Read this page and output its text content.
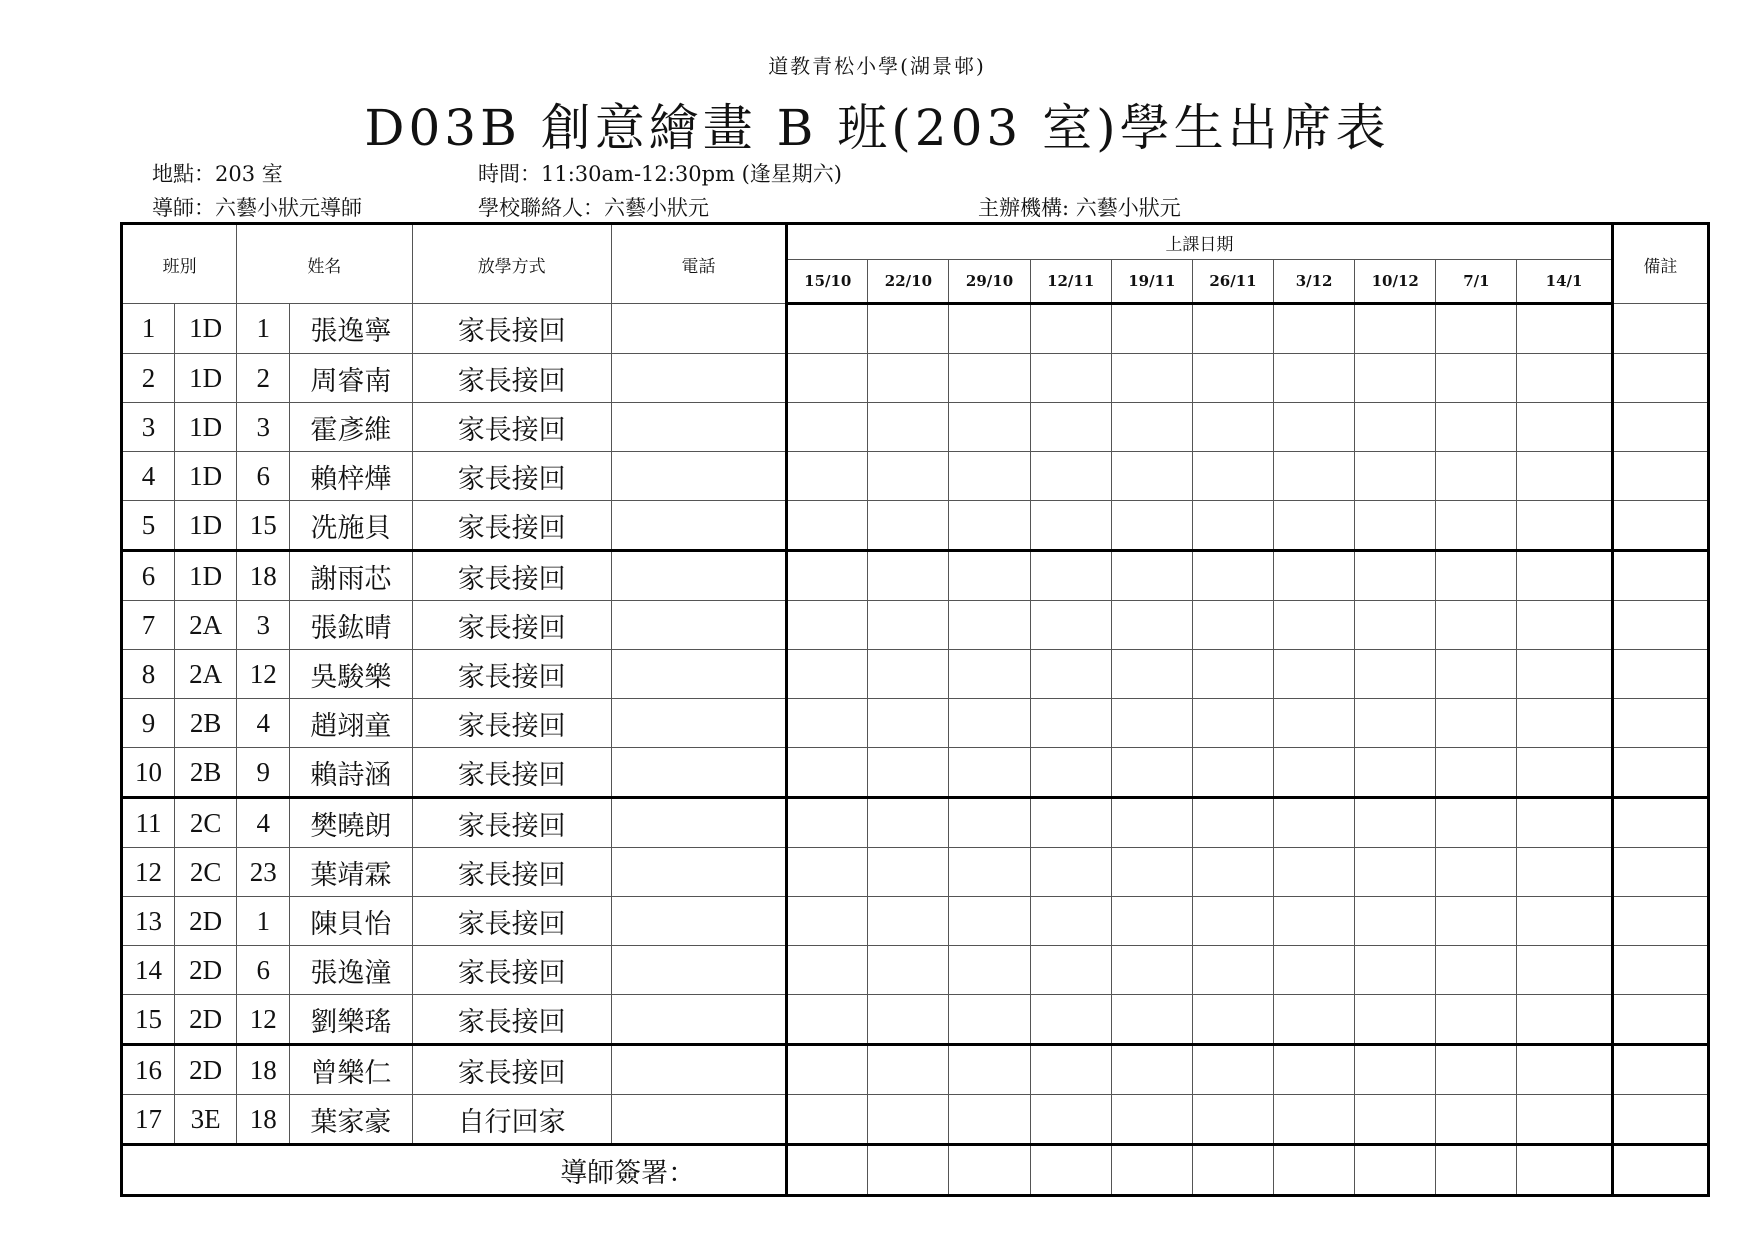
道教青松小學(湖景邨)
D03B 創意繪畫 B 班(203 室)學生出席表
地點：203 室	時間：11:30am-12:30pm (逢星期六)
導師：六藝小狀元導師	學校聯絡人：六藝小狀元	主辦機構: 六藝小狀元
班別		姓名		放學方式	電話	上課日期										備註
						15/10	22/10	29/10	12/11	19/11	26/11	3/12	10/12	7/1	14/1	
1	1D	1	張逸寧	家長接回												
2	1D	2	周睿南	家長接回												
3	1D	3	霍彥維	家長接回												
4	1D	6	賴梓燁	家長接回												
5	1D	15	冼施貝	家長接回												
6	1D	18	謝雨芯	家長接回												
7	2A	3	張鈜晴	家長接回												
8	2A	12	吳駿樂	家長接回												
9	2B	4	趙翊童	家長接回												
10	2B	9	賴詩涵	家長接回												
11	2C	4	樊曉朗	家長接回												
12	2C	23	葉靖霖	家長接回												
13	2D	1	陳貝怡	家長接回												
14	2D	6	張逸潼	家長接回												
15	2D	12	劉樂瑤	家長接回												
16	2D	18	曾樂仁	家長接回												
17	3E	18	葉家豪	自行回家												
導師簽署：																
